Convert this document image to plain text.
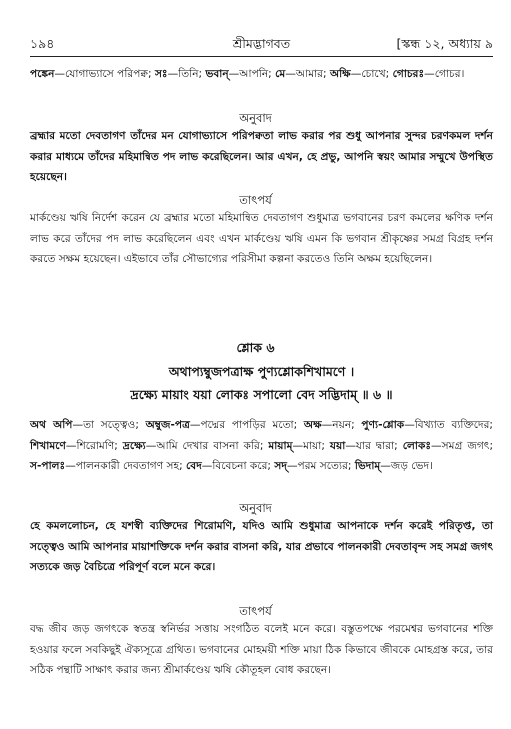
১৯৪	শ্রীমদ্ভাগবত	[স্কন্ধ ১২, অধ্যায় ৯

পঙ্কেন—যোগাভ্যাসে পরিপক্ব; সঃ—তিনি; ভবান্—আপনি; মে—আমার; অক্ষি—চোখে; গোচরঃ—গোচর।

অনুবাদ

ব্রহ্মার মতো দেবতাগণ তাঁদের মন যোগাভ্যাসে পরিপক্বতা লাভ করার পর শুধু আপনার সুন্দর চরণকমল দর্শন করার মাধ্যমে তাঁদের মহিমান্বিত পদ লাভ করেছিলেন। আর এখন, হে প্রভু, আপনি স্বয়ং আমার সম্মুখে উপস্থিত হয়েছেন।

তাৎপর্য

মার্কণ্ডেয় ঋষি নির্দেশ করেন যে ব্রহ্মার মতো মহিমান্বিত দেবতাগণ শুধুমাত্র ভগবানের চরণ কমলের ক্ষণিক দর্শন লাভ করে তাঁদের পদ লাভ করেছিলেন এবং এখন মার্কণ্ডেয় ঋষি এমন কি ভগবান শ্রীকৃষ্ণের সমগ্র বিগ্রহ দর্শন করতে সক্ষম হয়েছেন। এইভাবে তাঁর সৌভাগ্যের পরিসীমা কল্পনা করতেও তিনি অক্ষম হয়েছিলেন।

শ্লোক ৬
অথাপ্যম্বুজপত্রাক্ষ পুণ্যশ্লোকশিখামণে ।
দ্রক্ষ্যে মায়াং যয়া লোকঃ সপালো বেদ সদ্ভিদাম্ ॥ ৬ ॥

অথ অপি—তা সত্ত্বেও; অম্বুজ-পত্র—পদ্মের পাপড়ির মতো; অক্ষ—নয়ন; পুণ্য-শ্লোক—বিখ্যাত ব্যক্তিদের; শিখামণে—শিরোমণি; দ্রক্ষ্যে—আমি দেখার বাসনা করি; মায়াম্—মায়া; যয়া—যার দ্বারা; লোকঃ—সমগ্র জগৎ; স-পালঃ—পালনকারী দেবতাগণ সহ; বেদ—বিবেচনা করে; সদ্—পরম সত্যের; ভিদাম্—জড় ভেদ।

অনুবাদ

হে কমললোচন, হে যশস্বী ব্যক্তিদের শিরোমণি, যদিও আমি শুধুমাত্র আপনাকে দর্শন করেই পরিতৃপ্ত, তা সত্ত্বেও আমি আপনার মায়াশক্তিকে দর্শন করার বাসনা করি, যার প্রভাবে পালনকারী দেবতাবৃন্দ সহ সমগ্র জগৎ সত্যকে জড় বৈচিত্রে পরিপূর্ণ বলে মনে করে।

তাৎপর্য

বদ্ধ জীব জড় জগৎকে স্বতন্ত্র স্বনির্ভর সত্তায় সংগঠিত বলেই মনে করে। বস্তুতপক্ষে পরমেশ্বর ভগবানের শক্তি হওয়ার ফলে সবকিছুই ঐক্যসূত্রে গ্রথিত। ভগবানের মোহময়ী শক্তি মায়া ঠিক কিভাবে জীবকে মোহগ্রস্ত করে, তার সঠিক পন্থাটি সাক্ষাৎ করার জন্য শ্রীমার্কণ্ডেয় ঋষি কৌতূহল বোধ করছেন।
